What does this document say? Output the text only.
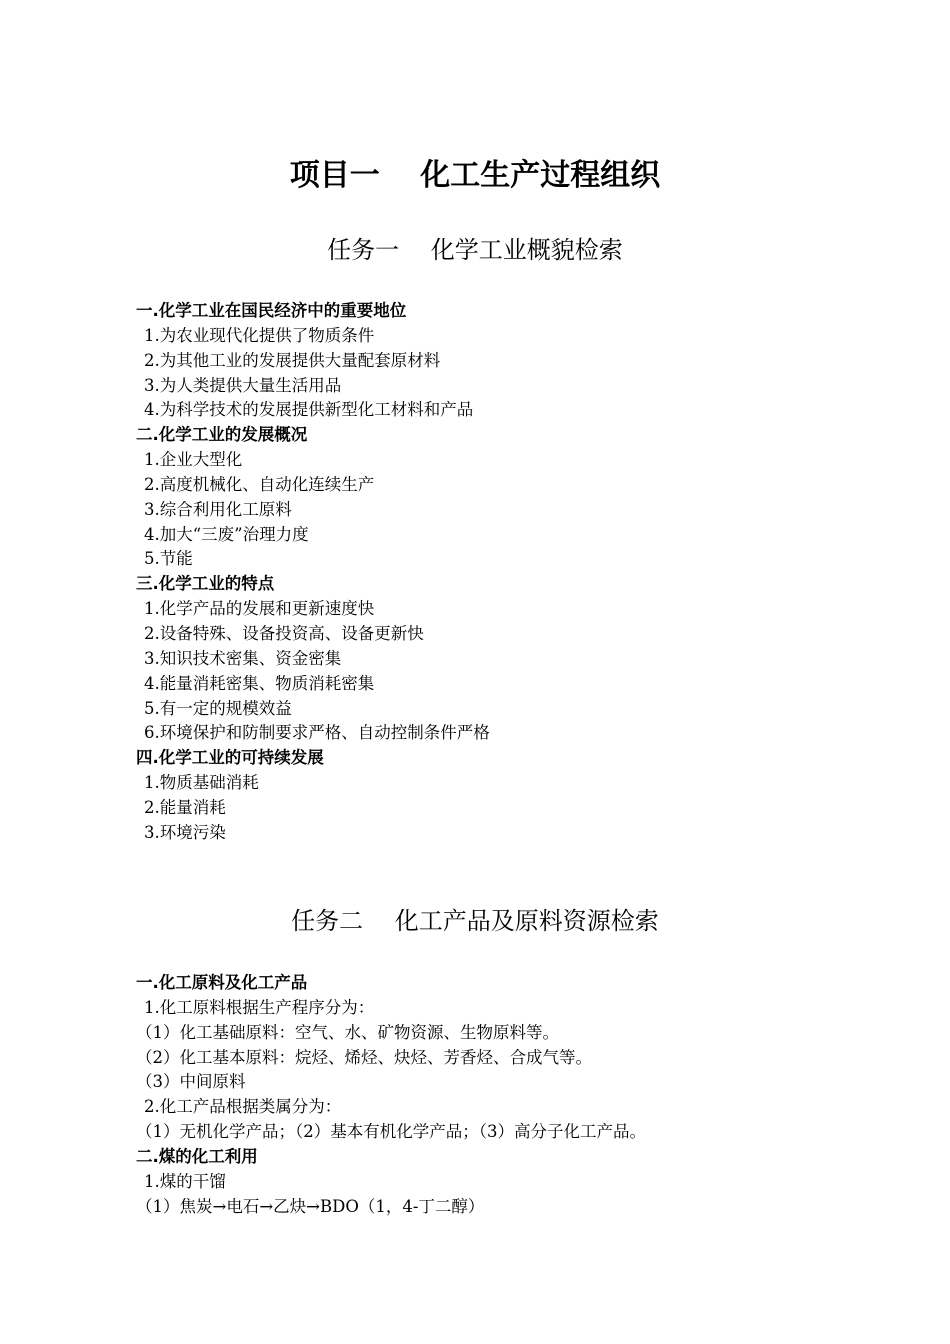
项目一　 化工生产过程组织
任务一　 化学工业概貌检索
一.化学工业在国民经济中的重要地位
1.为农业现代化提供了物质条件
2.为其他工业的发展提供大量配套原材料
3.为人类提供大量生活用品
4.为科学技术的发展提供新型化工材料和产品
二.化学工业的发展概况
1.企业大型化
2.高度机械化、自动化连续生产
3.综合利用化工原料
4.加大“三废”治理力度
5.节能
三.化学工业的特点
1.化学产品的发展和更新速度快
2.设备特殊、设备投资高、设备更新快
3.知识技术密集、资金密集
4.能量消耗密集、物质消耗密集
5.有一定的规模效益
6.环境保护和防制要求严格、自动控制条件严格
四.化学工业的可持续发展
1.物质基础消耗
2.能量消耗
3.环境污染
任务二　 化工产品及原料资源检索
一.化工原料及化工产品
1.化工原料根据生产程序分为：
（1）化工基础原料：空气、水、矿物资源、生物原料等。
（2）化工基本原料：烷烃、烯烃、炔烃、芳香烃、合成气等。
（3）中间原料
2.化工产品根据类属分为：
（1）无机化学产品；（2）基本有机化学产品；（3）高分子化工产品。
二.煤的化工利用
1.煤的干馏
（1）焦炭→电石→乙炔→BDO（1，4-丁二醇）
